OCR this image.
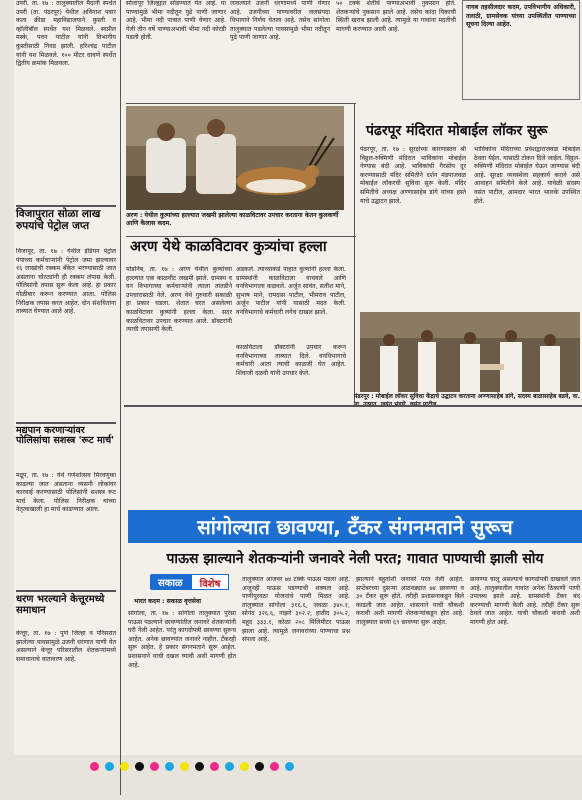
उपरी. ता. १७ : तालुक्यातील मैदानी स्पर्धेत उपरी (ता. पंढरपूर) येथील अविनाश पवार कला क्रीडा महाविद्यालयाने कुस्ती व व्हॉलीबॉल स्पर्धेत यश मिळवले. स्वप्नील मस्के, पवन पाटील यांनी विभागीय कुस्तीसाठी निवड झाली. हरिश्चंद्र पाटील यांनी यश मिळवले. १०० मीटर धावणे स्पर्धेत द्वितीय क्रमांक मिळवला.

सोलापूर जिल्ह्यात सोडण्यात येत आहे. या पाण्यामुळे भीमा नदीतून पुढे पाणी जाणार आहे. भीमा नदी पात्रात पाणी येणार आहे. गेली तीन वर्षे पाण्याअभावी भीमा नदी कोरडी पडली होती.

लावल्याने उजनी धरणामध्ये पाणी येणार आहे. उजनीच्या पाण्यावरील जलसंपदा विभागाने निर्णय घेतला आहे. तसेच सांगोला तालुक्यात पडलेल्या पावसामुळे भीमा नदीतून पुढे पाणी जाणार आहे.

५० टक्के शेतीचे पाण्याअभावी नुकसान होते. शेतकऱ्यांचे नुकसान झाले आहे. तसेच कांदा पिकाची स्थिती खराब झाली आहे. त्यामुळे या गावांना मदतीची मागणी करण्यात आली आहे.

नायब तहसीलदार कदम, उपविभागीय अधिकारी, तलाठी, ग्रामसेवक यांच्या उपस्थितीत पाण्याच्या सूचना दिल्या आहेत.

विजापुरात सोळा लाख रुपयांचे पेट्रोल जप्त

विजापूर, ता. १७ : येथील इंडियन पेट्रोल पंपाच्या कर्मचाऱ्यांनी पेट्रोल जमा झाल्यावर १६ लाखांची रक्कम बँकेत भरण्यासाठी जात असताना चोरट्यांनी ही रक्कम लंपास केली. पोलिसांनी तपास सुरू केला आहे. हा प्रकार गोळीबार करून करण्यात आला. पोलिस निरीक्षक तपास करत आहेत. दोन संशयितांना ताब्यात घेण्यात आले आहे.

मद्यपान करणाऱ्यांवर पोलिसांचा सशस्त्र 'रूट मार्च'

मद्रूप, ता. १७ : येथे गणेशोत्सव मिरवणुका काढल्या जात असताना व्यसनी लोकांवर कारवाई करण्यासाठी पोलिसांनी सशस्त्र रूट मार्च केला. पोलिस निरीक्षक यांच्या नेतृत्वाखाली हा मार्च काढण्यात आला.

धरण भरल्याने केत्तूरमध्ये समाधान

केत्तूर, ता. १७ : पुणे जिल्हा व परिसरात झालेल्या पावसामुळे उजनी धरणात पाणी येत असल्याने केत्तूर परिसरातील शेतकऱ्यांमध्ये समाधानाचे वातावरण आहे.

अरण : येथील कुत्र्यांच्या हल्ल्यात जखमी झालेल्या काळविटावर उपचार करताना केतन कुलकर्णी आणि कैलास कदम.
अरण येथे काळविटावर कुत्र्यांचा हल्ला

मोडनिंब, ता. १७ : अरण येथील कुत्र्यांच्या हल्ल्यात एक काळवीट जखमी झाले. ग्रामस्थ व वन विभागाच्या कर्मचाऱ्यांनी त्याला तातडीने उपचारासाठी नेले. अरण येथे गुरुवारी सकाळी हा प्रकार घडला. शेतात चरत असलेल्या काळविटावर कुत्र्यांनी हल्ला केला. सदर काळविटावर उपचार करण्यात आले. डॉक्टरांनी त्याची तपासणी केली.

अडकले. त्याच्याकडे पाहात कुत्र्यांनी हल्ला केला. ग्रामस्थांनी काळविटाला वाचवले आणि वनविभागाला कळवले. अर्जुन सावंत, सतीश माने, सुभाष माने, रामदास पाटील, भीमराव पाटील, अर्जुन पाटील यांनी यासाठी मदत केली. वनविभागाचे कर्मचारी लगेच दाखल झाले.

काळविटाला डॉक्टरांनी उपचार करून वनविभागाच्या ताब्यात दिले. वनविभागाचे कर्मचारी आता त्याची काळजी घेत आहेत. शिवाजी दळवी यांनी उपचार केले.

पंढरपूर मंदिरात मोबाईल लॉकर सुरू

पंढरपूर, ता. १७ : सुरक्षेच्या कारणास्तव श्री विठ्ठल-रुक्मिणी मंदिरात भाविकांना मोबाईल नेण्यास बंदी आहे. भाविकांची गैरसोय दूर करण्यासाठी मंदिर समितीने दर्शन मंडपाजवळ मोबाईल लॉकरची सुविधा सुरू केली. मंदिर समितीचे अध्यक्ष अण्णासाहेब डांगे यांच्या हस्ते याचे उद्घाटन झाले.

भाविकांना मंदिराच्या प्रवेशद्वाराजवळ मोबाईल ठेवता येईल. यासाठी टोकन दिले जाईल. विठ्ठल-रुक्मिणी मंदिरात मोबाईल घेऊन जाण्यास बंदी आहे. सुरक्षा व्यवस्थेला सहकार्य करावे असे आवाहन समितीने केले आहे. यावेळी सदस्य वसंत पाटील, आमदार भारत भालके उपस्थित होते.

पंढरपूर : मोबाईल लॉकर सुविधा केंद्राचे उद्घाटन करताना अण्णासाहेब डांगे, सदस्य बाळासाहेब बडवे, वा.
सांगोल्यात छावण्या, टँकर संगनमताने सुरूच
पाऊस झाल्याने शेतकऱ्यांनी जनावरे नेली परत; गावात पाण्याची झाली सोय
सकाळ	विशेष
भारत कदम : सकाळ वृत्तसेवा

सांगोला, ता. १७ : सांगोला तालुक्यात पुरेसा पाऊस पडल्याने छावण्यांतील जनावरे शेतकऱ्यांनी घरी नेली आहेत. परंतु कागदोपत्री छावण्या सुरूच आहेत. अनेक छावण्यांत जनावरे नाहीत. टँकरही सुरू आहेत. हे प्रकार संगनमताने सुरू आहेत. प्रशासनाने याची दखल घ्यावी अशी मागणी होत आहे.

तालुक्यात आजवर ७४ टक्के पाऊस पडला आहे. अजूनही पाऊस पडण्याची शक्यता आहे. पाणीपुरवठा योजनांचे पाणी मिळत आहे. तालुक्यात सांगोला ३१६.६, जवळा ३४०.१, सोनंद ३२६.६, नाझरे ३०२.२, हातीद ३०५.२, महूद ३३३.१, कोळा २०८ मिलिमीटर पाऊस झाला आहे. त्यामुळे जनावरांच्या पाण्याचा प्रश्न संपला आहे.

झाल्याने बहुतांशी जनावरे परत नेली आहेत. सप्टेंबरच्या दुसऱ्या आठवड्यात ७४ छावण्या व ३० टँकर सुरू होते. तरीही प्रशासनाकडून बिले काढली जात आहेत. शासनाने याची चौकशी करावी अशी मागणी शेतकऱ्यांकडून होत आहे. तालुक्यात सध्या ६९ छावण्या सुरू आहेत.

छावण्या चालू असल्याचे कागदोपत्री दाखवले जात आहे. तालुक्यातील गावांत अनेक ठिकाणी पाणी उपलब्ध झाले आहे. ग्रामस्थांनी टँकर बंद करण्याची मागणी केली आहे. तरीही टँकर सुरू ठेवले जात आहेत. याची चौकशी करावी अशी मागणी होत आहे.
